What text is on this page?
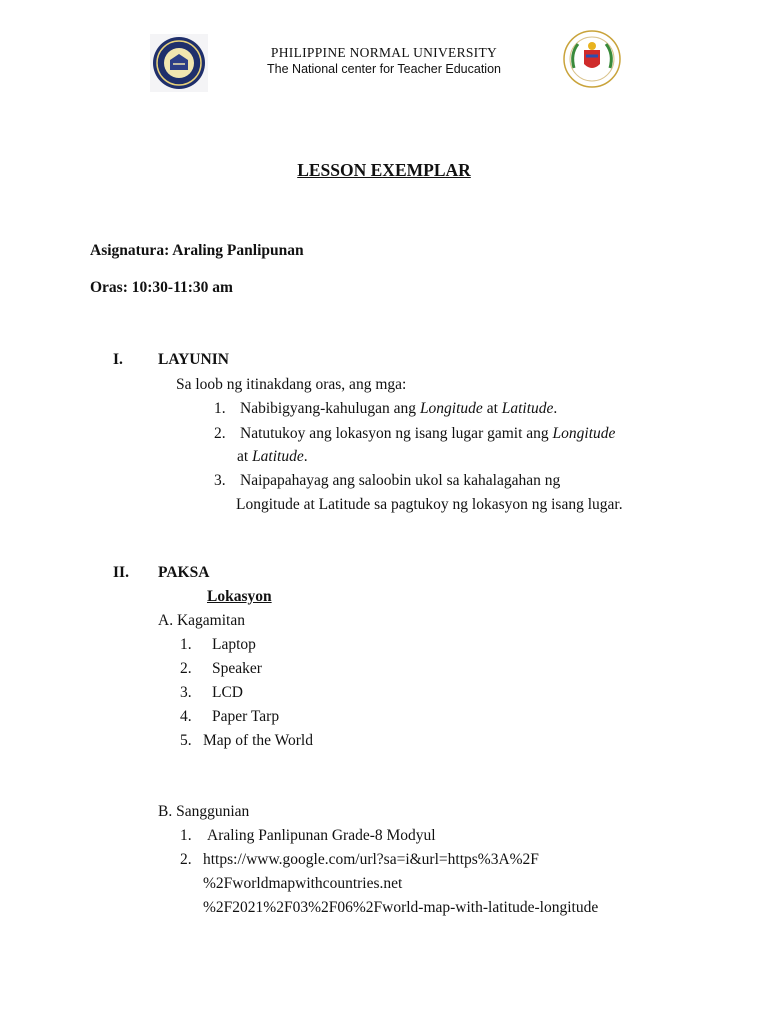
PHILIPPINE NORMAL UNIVERSITY
The National center for Teacher Education
LESSON EXEMPLAR
Asignatura: Araling Panlipunan
Oras: 10:30-11:30 am
I. LAYUNIN
Sa loob ng itinakdang oras, ang mga:
1. Nabibigyang-kahulugan ang Longitude at Latitude.
2. Natutukoy ang lokasyon ng isang lugar gamit ang Longitude
at Latitude.
3. Naipapahayag ang saloobin ukol sa kahalagahan ng
Longitude at Latitude sa pagtukoy ng lokasyon ng isang lugar.
II. PAKSA
Lokasyon
A. Kagamitan
1. Laptop
2. Speaker
3. LCD
4. Paper Tarp
5. Map of the World
B. Sanggunian
1. Araling Panlipunan Grade-8 Modyul
2. https://www.google.com/url?sa=i&url=https%3A%2F
%2Fworldmapwithcountries.net
%2F2021%2F03%2F06%2Fworld-map-with-latitude-longitude
